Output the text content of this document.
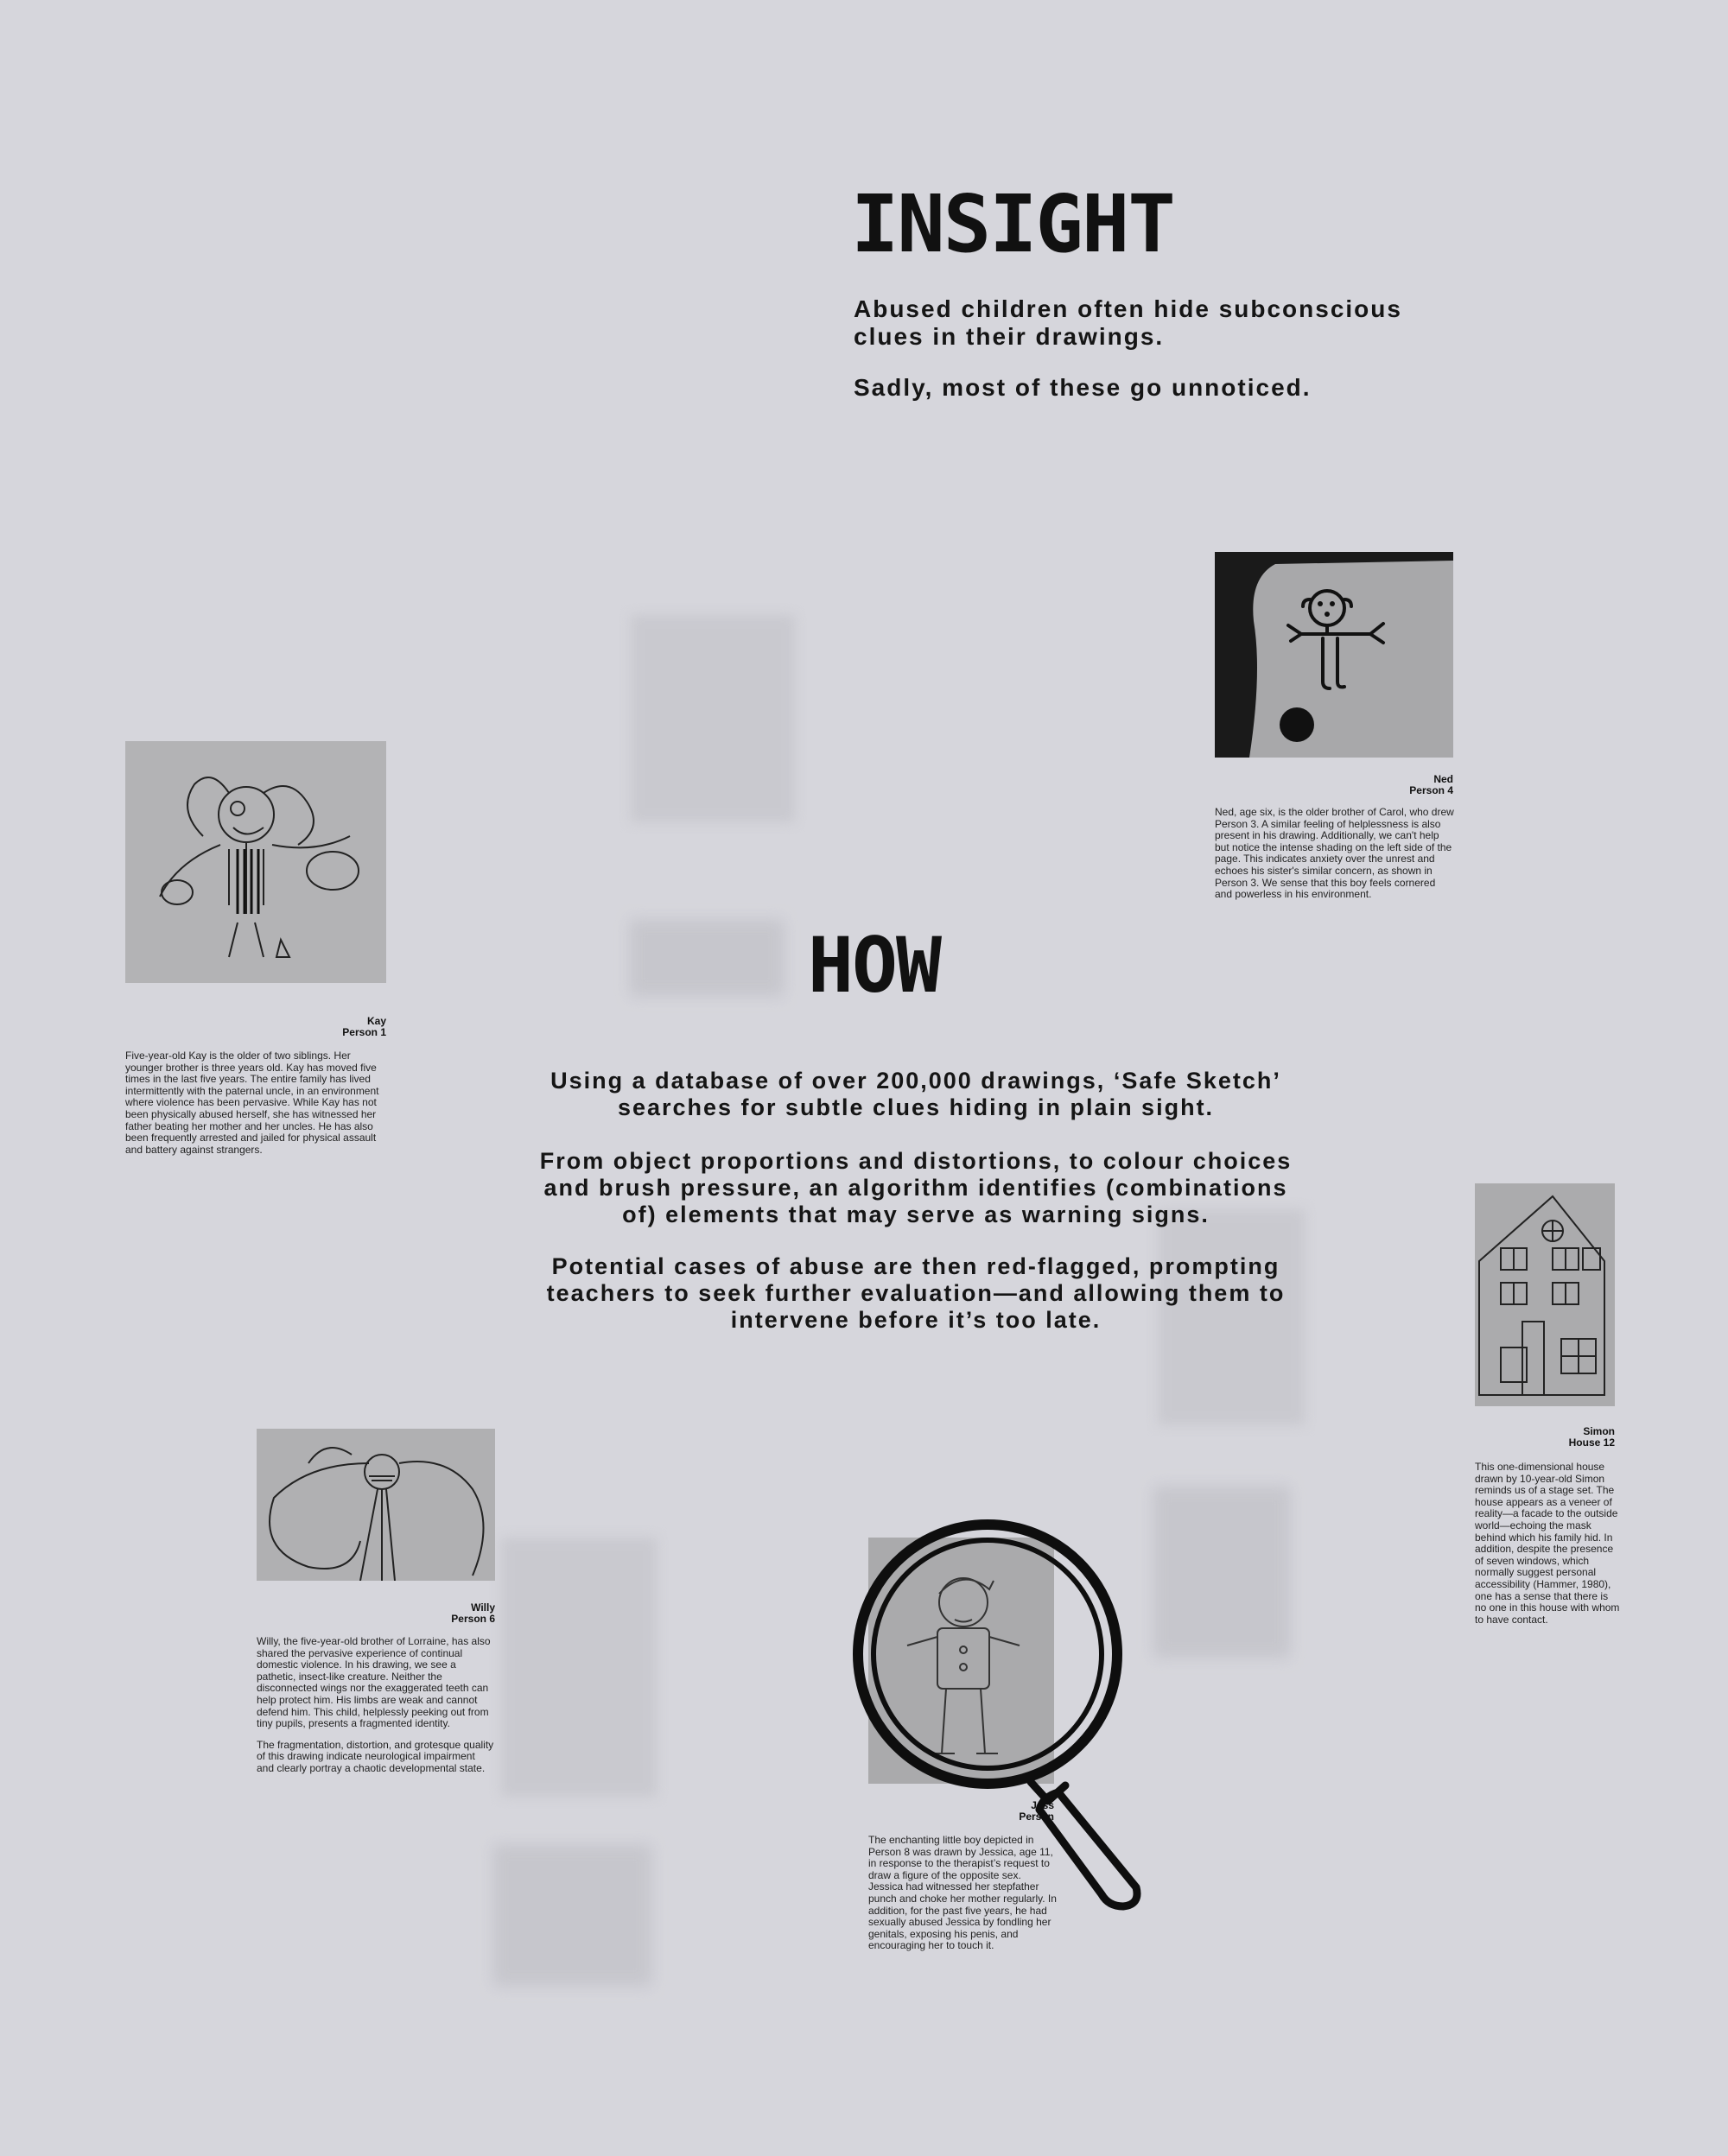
INSIGHT

Abused children often hide subconscious
clues in their drawings.

Sadly, most of these go unnoticed.

HOW

Using a database of over 200,000 drawings, ‘Safe Sketch’
searches for subtle clues hiding in plain sight.

From object proportions and distortions, to colour choices
and brush pressure, an algorithm identifies (combinations
of) elements that may serve as warning signs.

Potential cases of abuse are then red-flagged, prompting
teachers to seek further evaluation—and allowing them to
intervene before it’s too late.

Kay
Person 1
Five-year-old Kay is the older of two siblings. Her younger brother is three years old. Kay has moved five times in the last five years. The entire family has lived intermittently with the paternal uncle, in an environment where violence has been pervasive. While Kay has not been physically abused herself, she has witnessed her father beating her mother and her uncles. He has also been frequently arrested and jailed for physical assault and battery against strangers.
Ned
Person 4
Ned, age six, is the older brother of Carol, who drew Person 3. A similar feeling of helplessness is also present in his drawing. Additionally, we can't help but notice the intense shading on the left side of the page. This indicates anxiety over the unrest and echoes his sister's similar concern, as shown in Person 3. We sense that this boy feels cornered and powerless in his environment.
Simon
House 12
This one-dimensional house drawn by 10-year-old Simon reminds us of a stage set. The house appears as a veneer of reality—a facade to the outside world—echoing the mask behind which his family hid. In addition, despite the presence of seven windows, which normally suggest personal accessibility (Hammer, 1980), one has a sense that there is no one in this house with whom to have contact.
Willy
Person 6

Willy, the five-year-old brother of Lorraine, has also shared the pervasive experience of continual domestic violence. In his drawing, we see a pathetic, insect-like creature. Neither the disconnected wings nor the exaggerated teeth can help protect him. His limbs are weak and cannot defend him. This child, helplessly peeking out from tiny pupils, presents a fragmented identity.

The fragmentation, distortion, and grotesque quality of this drawing indicate neurological impairment and clearly portray a chaotic developmental state.

Jess
Person
The enchanting little boy depicted in Person 8 was drawn by Jessica, age 11, in response to the therapist’s request to draw a figure of the opposite sex. Jessica had witnessed her stepfather punch and choke her mother regularly. In addition, for the past five years, he had sexually abused Jessica by fondling her genitals, exposing his penis, and encouraging her to touch it.
